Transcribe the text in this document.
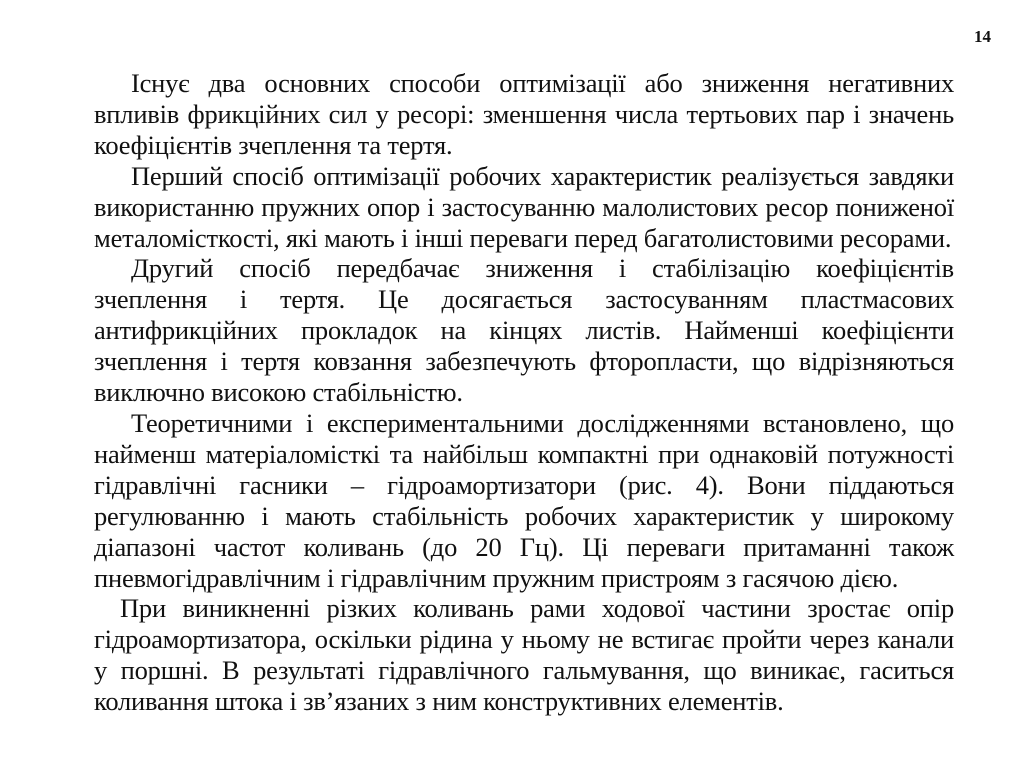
14

Існує два основних способи оптимізації або зниження негативних впливів фрикційних сил у ресорі: зменшення числа тертьових пар і значень коефіцієнтів зчеплення та тертя.

Перший спосіб оптимізації робочих характеристик реалізується завдяки використанню пружних опор і застосуванню малолистових ресор пониженої металомісткості, які мають і інші переваги перед багатолистовими ресорами.

Другий спосіб передбачає зниження і стабілізацію коефіцієнтів зчеплення і тертя. Це досягається застосуванням пластмасових антифрикційних прокладок на кінцях листів. Найменші коефіцієнти зчеплення і тертя ковзання забезпечують фторопласти, що відрізняються виключно високою стабільністю.

Теоретичними і експериментальними дослідженнями встановлено, що найменш матеріаломісткі та найбільш компактні при однаковій потужності гідравлічні гасники – гідроамортизатори (рис. 4). Вони піддаються регулюванню і мають стабільність робочих характеристик у широкому діапазоні частот коливань (до 20 Гц). Ці переваги притаманні також пневмогідравлічним і гідравлічним пружним пристроям з гасячою дією.

При виникненні різких коливань рами ходової частини зростає опір гідроамортизатора, оскільки рідина у ньому не встигає пройти через канали у поршні. В результаті гідравлічного гальмування, що виникає, гаситься коливання штока і зв’язаних з ним конструктивних елементів.
